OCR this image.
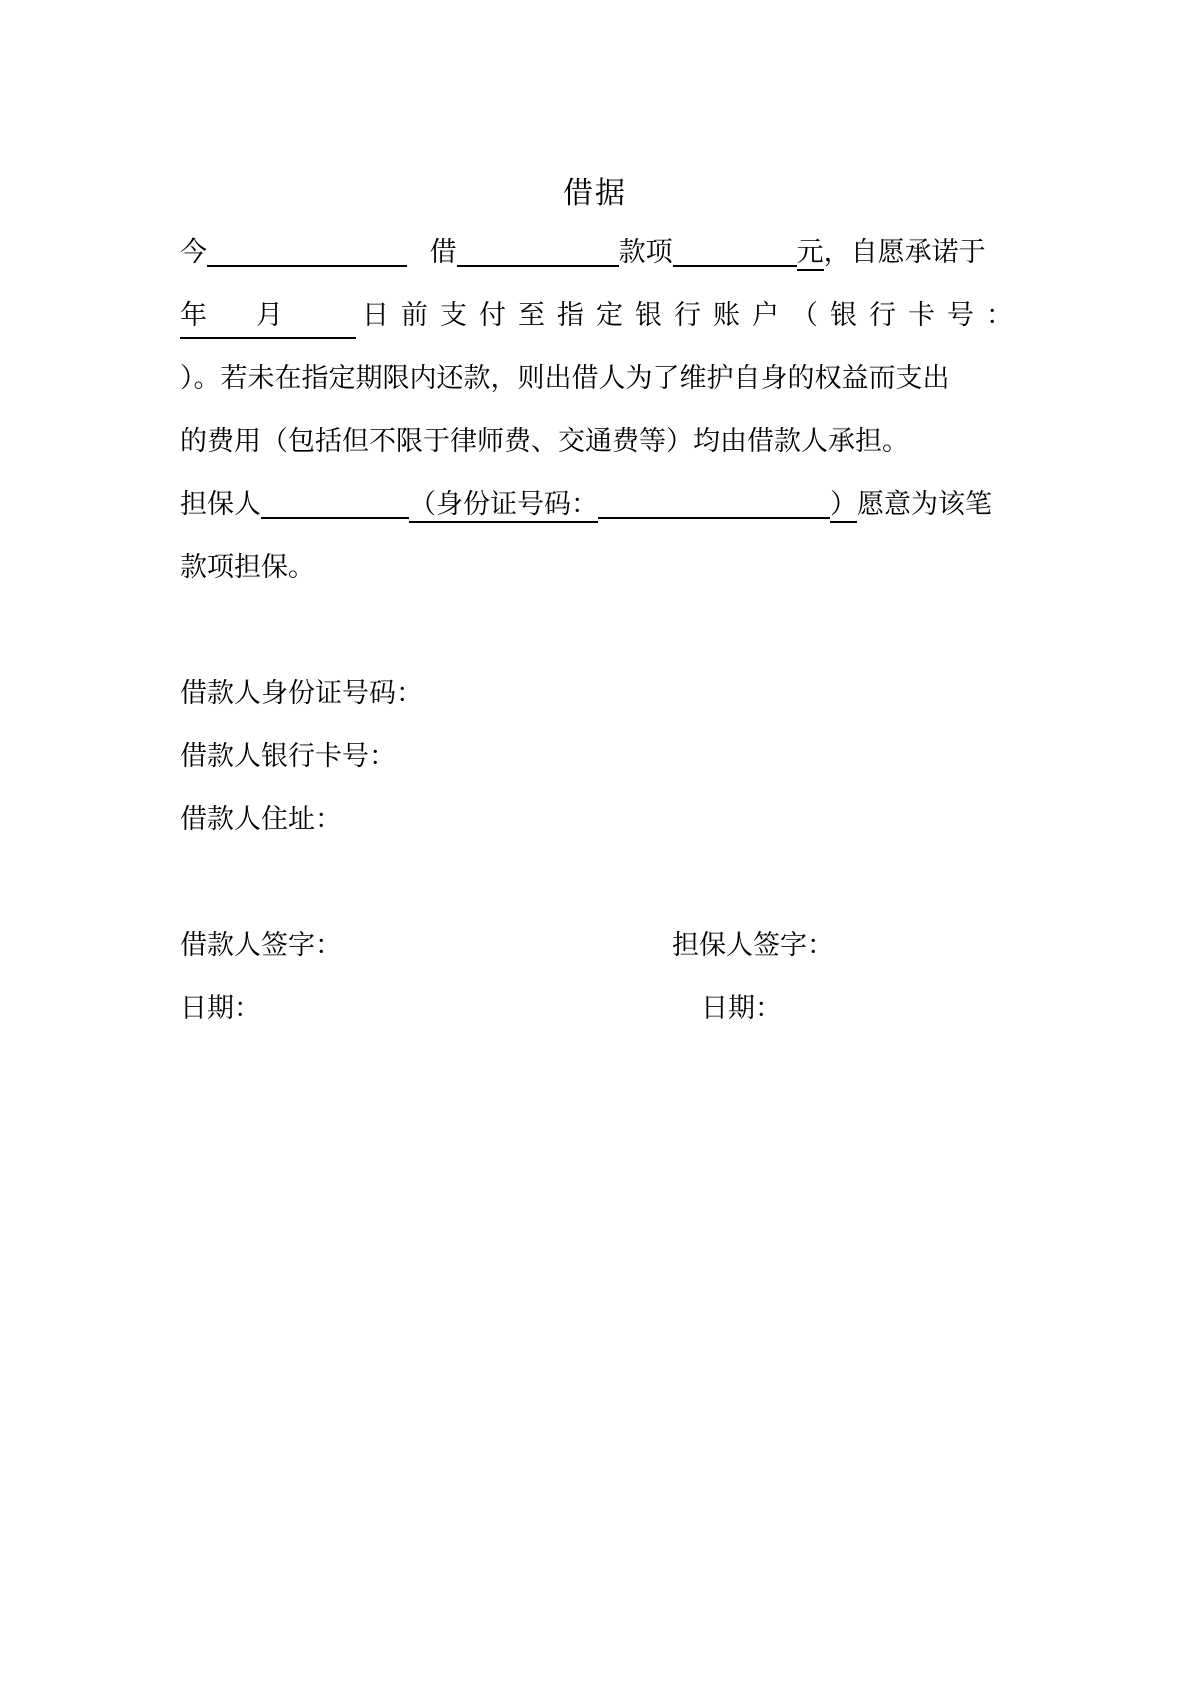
借据
今	借	款项	元，自愿承诺于
年 月	日前支付至指定银行账户（银行卡号：
）。若未在指定期限内还款，则出借人为了维护自身的权益而支出
的费用（包括但不限于律师费、交通费等）均由借款人承担。
担保人	（身份证号码：	）愿意为该笔
款项担保。
借款人身份证号码：
借款人银行卡号：
借款人住址：
借款人签字：	担保人签字：
日期：	日期：
